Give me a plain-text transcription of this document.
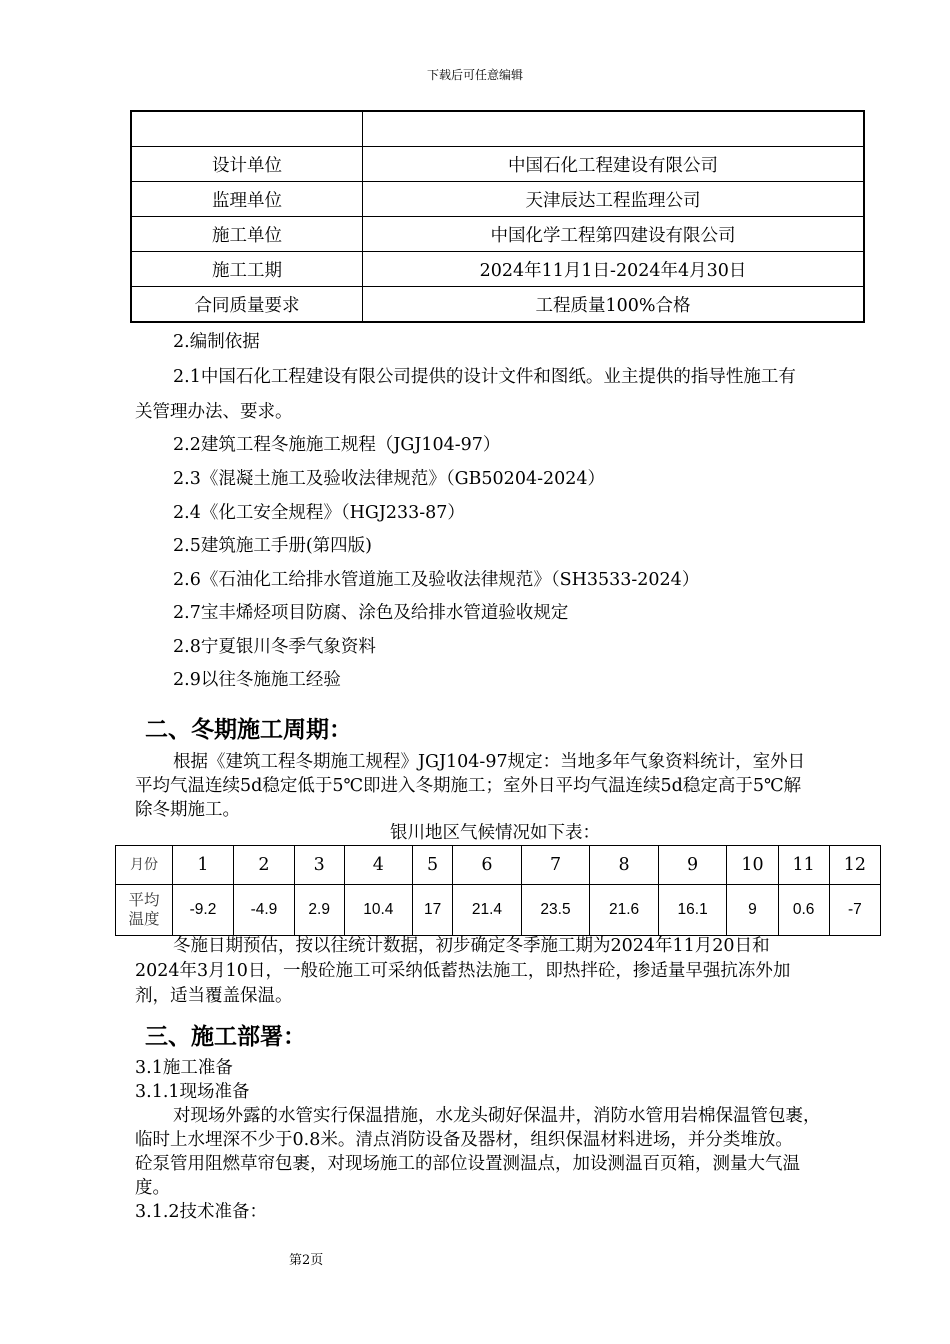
下载后可任意编辑

设计单位	中国石化工程建设有限公司
监理单位	天津辰达工程监理公司
施工单位	中国化学工程第四建设有限公司
施工工期	2024年11月1日-2024年4月30日
合同质量要求	工程质量100%合格
2.编制依据
2.1中国石化工程建设有限公司提供的设计文件和图纸。业主提供的指导性施工有
关管理办法、要求。
2.2建筑工程冬施施工规程（JGJ104-97）
2.3《混凝土施工及验收法律规范》（GB50204-2024）
2.4《化工安全规程》（HGJ233-87）
2.5建筑施工手册(第四版)
2.6《石油化工给排水管道施工及验收法律规范》（SH3533-2024）
2.7宝丰烯烃项目防腐、涂色及给排水管道验收规定
2.8宁夏银川冬季气象资料
2.9以往冬施施工经验
二、冬期施工周期：
根据《建筑工程冬期施工规程》JGJ104-97规定：当地多年气象资料统计，室外日
平均气温连续5d稳定低于5℃即进入冬期施工；室外日平均气温连续5d稳定高于5℃解
除冬期施工。
银川地区气候情况如下表：
月份	1	2	3	4	5	6	7	8	9	10	11	12
平均
温度	-9.2	-4.9	2.9	10.4	17	21.4	23.5	21.6	16.1	9	0.6	-7
冬施日期预估，按以往统计数据，初步确定冬季施工期为2024年11月20日和
2024年3月10日，一般砼施工可采纳低蓄热法施工，即热拌砼，掺适量早强抗冻外加
剂，适当覆盖保温。
三、施工部署：
3.1施工准备
3.1.1现场准备
对现场外露的水管实行保温措施，水龙头砌好保温井，消防水管用岩棉保温管包裹，
临时上水埋深不少于0.8米。清点消防设备及器材，组织保温材料进场，并分类堆放。
砼泵管用阻燃草帘包裹，对现场施工的部位设置测温点，加设测温百页箱，测量大气温
度。
3.1.2技术准备：
第2页
